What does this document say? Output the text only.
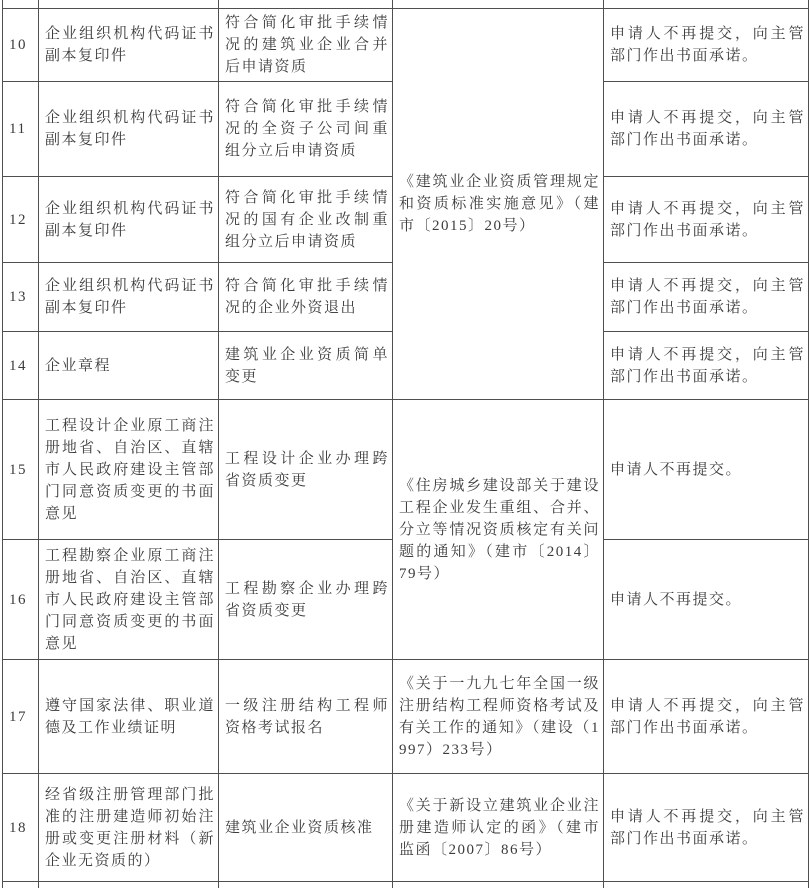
10	企业组织机构代码证书副本复印件	符合简化审批手续情况的建筑业企业合并后申请资质	《建筑业企业资质管理规定和资质标准实施意见》（建市〔2015〕20号）	申请人不再提交，向主管部门作出书面承诺。
11	企业组织机构代码证书副本复印件	符合简化审批手续情况的全资子公司间重组分立后申请资质		申请人不再提交，向主管部门作出书面承诺。
12	企业组织机构代码证书副本复印件	符合简化审批手续情况的国有企业改制重组分立后申请资质		申请人不再提交，向主管部门作出书面承诺。
13	企业组织机构代码证书副本复印件	符合简化审批手续情况的企业外资退出		申请人不再提交，向主管部门作出书面承诺。
14	企业章程	建筑业企业资质简单变更		申请人不再提交，向主管部门作出书面承诺。
15	工程设计企业原工商注册地省、自治区、直辖市人民政府建设主管部门同意资质变更的书面意见	工程设计企业办理跨省资质变更	《住房城乡建设部关于建设工程企业发生重组、合并、分立等情况资质核定有关问题的通知》（建市〔2014〕79号）	申请人不再提交。
16	工程勘察企业原工商注册地省、自治区、直辖市人民政府建设主管部门同意资质变更的书面意见	工程勘察企业办理跨省资质变更		申请人不再提交。
17	遵守国家法律、职业道德及工作业绩证明	一级注册结构工程师资格考试报名	《关于一九九七年全国一级注册结构工程师资格考试及有关工作的通知》（建设（1997）233号）	申请人不再提交，向主管部门作出书面承诺。
18	经省级注册管理部门批准的注册建造师初始注册或变更注册材料（新企业无资质的）	建筑业企业资质核准	《关于新设立建筑业企业注册建造师认定的函》（建市监函〔2007〕86号）	申请人不再提交，向主管部门作出书面承诺。
